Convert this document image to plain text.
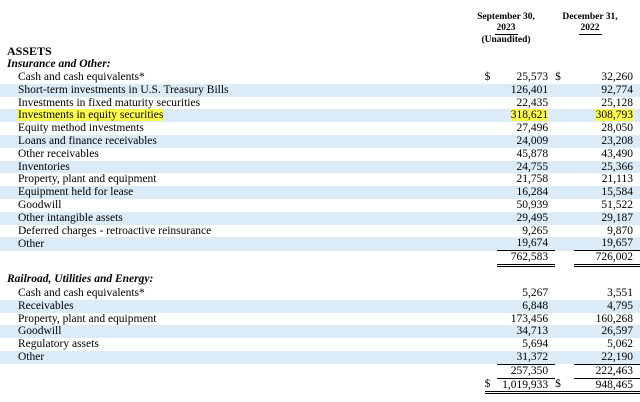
September 30,
2023
(Unaudited)
December 31,
2022
ASSETS
Insurance and Other:
Cash and cash equivalents*	$	25,573	$	32,260
Short-term investments in U.S. Treasury Bills		126,401		92,774
Investments in fixed maturity securities		22,435		25,128
Investments in equity securities		318,621		308,793
Equity method investments		27,496		28,050
Loans and finance receivables		24,009		23,208
Other receivables		45,878		43,490
Inventories		24,755		25,366
Property, plant and equipment		21,758		21,113
Equipment held for lease		16,284		15,584
Goodwill		50,939		51,522
Other intangible assets		29,495		29,187
Deferred charges - retroactive reinsurance		9,265		9,870
Other		19,674		19,657
		762,583		726,002
Railroad, Utilities and Energy:
Cash and cash equivalents*		5,267		3,551
Receivables		6,848		4,795
Property, plant and equipment		173,456		160,268
Goodwill		34,713		26,597
Regulatory assets		5,694		5,062
Other		31,372		22,190
		257,350		222,463
	$	1,019,933	$	948,465
